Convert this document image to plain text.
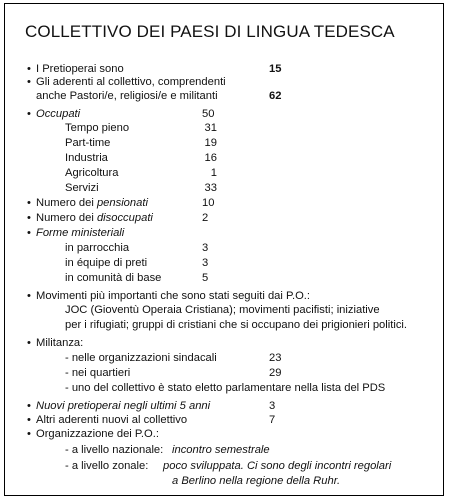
COLLETTIVO DEI PAESI DI LINGUA TEDESCA
• I Pretioperai sono	15
• Gli aderenti al collettivo, comprendenti
anche Pastori/e, religiosi/e e militanti	62
• Occupati	50
Tempo pieno	31
Part-time	19
Industria	16
Agricoltura	1
Servizi	33
• Numero dei pensionati	10
• Numero dei disoccupati	2
• Forme ministeriali
in parrocchia	3
in équipe di preti	3
in comunità di base	5
• Movimenti più importanti che sono stati seguiti dai P.O.:
JOC (Gioventù Operaia Cristiana); movimenti pacifisti; iniziative
per i rifugiati; gruppi di cristiani che si occupano dei prigionieri politici.
• Militanza:
- nelle organizzazioni sindacali	23
- nei quartieri	29
- uno del collettivo è stato eletto parlamentare nella lista del PDS
• Nuovi pretioperai negli ultimi 5 anni	3
• Altri aderenti nuovi al collettivo	7
• Organizzazione dei P.O.:
- a livello nazionale: incontro semestrale
- a livello zonale: poco sviluppata. Ci sono degli incontri regolari
a Berlino nella regione della Ruhr.
